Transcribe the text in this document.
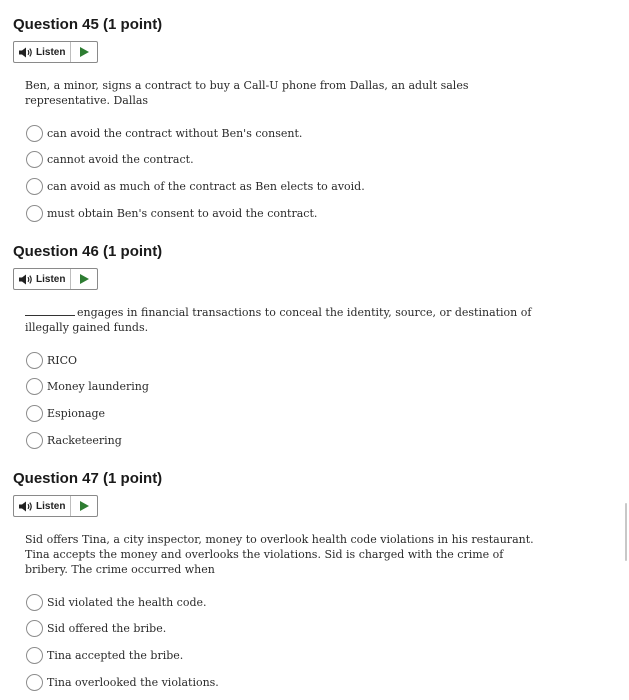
Question 45 (1 point)
Listen

Ben, a minor, signs a contract to buy a Call-U phone from Dallas, an adult sales representative. Dallas

can avoid the contract without Ben's consent.
cannot avoid the contract.
can avoid as much of the contract as Ben elects to avoid.
must obtain Ben's consent to avoid the contract.
Question 46 (1 point)
Listen

engages in financial transactions to conceal the identity, source, or destination of illegally gained funds.

RICO
Money laundering
Espionage
Racketeering
Question 47 (1 point)
Listen

Sid offers Tina, a city inspector, money to overlook health code violations in his restaurant. Tina accepts the money and overlooks the violations. Sid is charged with the crime of bribery. The crime occurred when

Sid violated the health code.
Sid offered the bribe.
Tina accepted the bribe.
Tina overlooked the violations.
